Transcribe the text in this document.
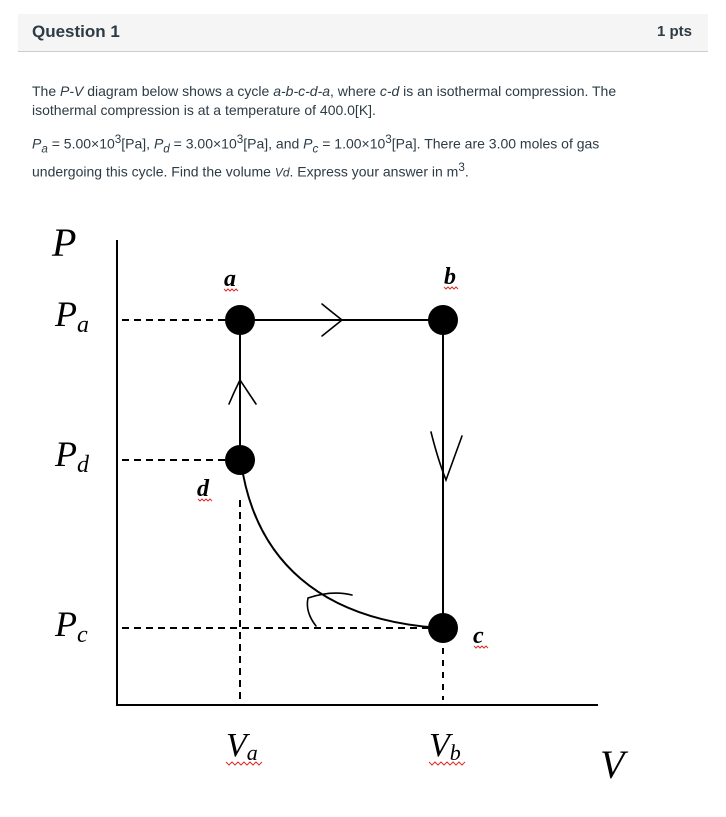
Question 1	1 pts

The P-V diagram below shows a cycle a-b-c-d-a, where c-d is an isothermal compression. The isothermal compression is at a temperature of 400.0[K].

$P_a = 5.00\times 10^3[Pa]$, $P_d = 3.00\times 10^3[Pa]$, and $P_c = 1.00\times 10^3[Pa]$. There are 3.00 moles of gas undergoing this cycle. Find the volume Vd. Express your answer in $m^3$.

P
V
Pa
Pd
Pc
Va	Vb
a	b
c
d
